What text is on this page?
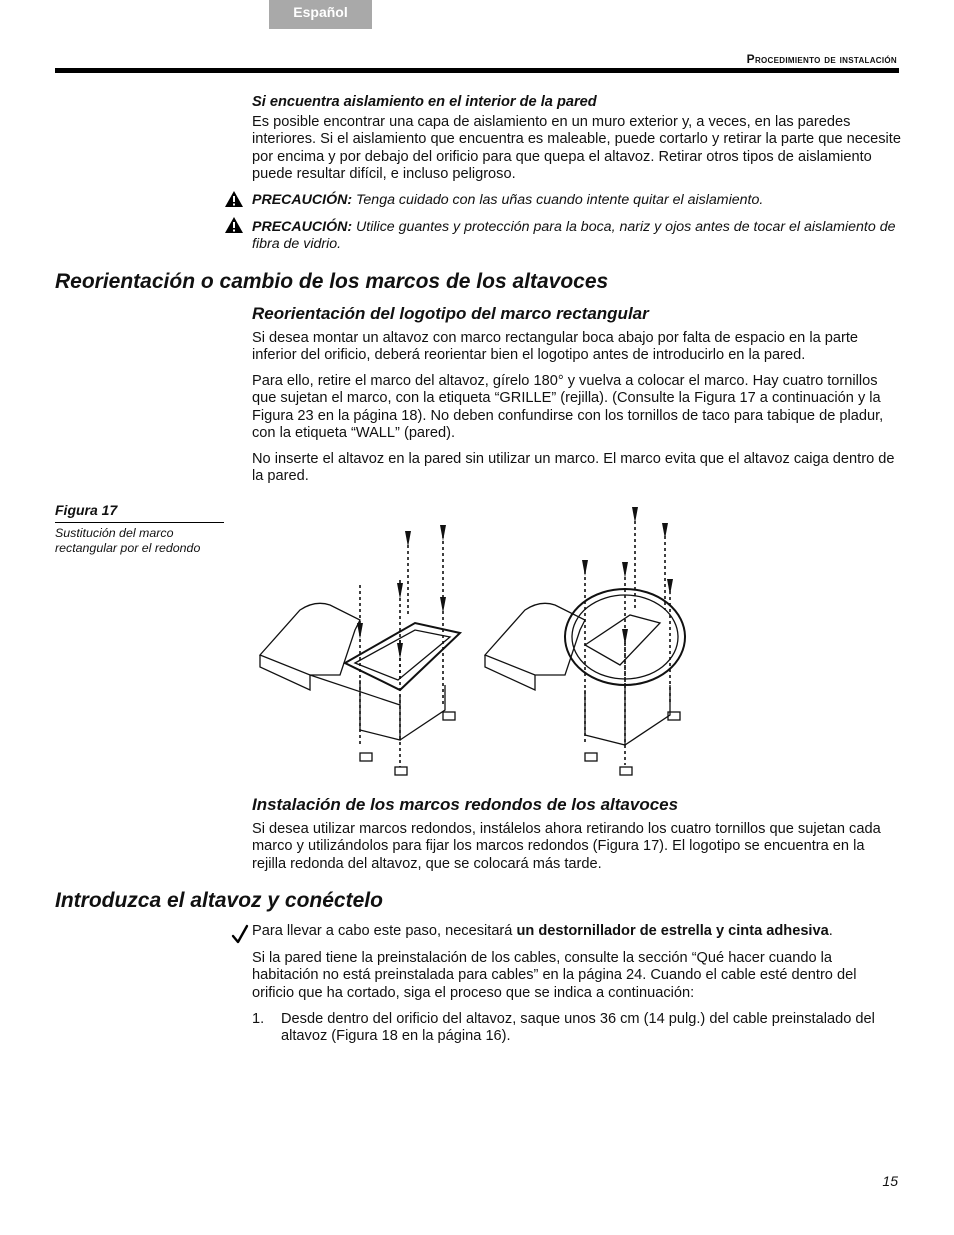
Español
Procedimiento de instalación
Si encuentra aislamiento en el interior de la pared
Es posible encontrar una capa de aislamiento en un muro exterior y, a veces, en las paredes interiores. Si el aislamiento que encuentra es maleable, puede cortarlo y retirar la parte que necesite por encima y por debajo del orificio para que quepa el altavoz. Retirar otros tipos de aislamiento puede resultar difícil, e incluso peligroso.
PRECAUCIÓN: Tenga cuidado con las uñas cuando intente quitar el aislamiento.
PRECAUCIÓN: Utilice guantes y protección para la boca, nariz y ojos antes de tocar el aislamiento de fibra de vidrio.
Reorientación o cambio de los marcos de los altavoces
Reorientación del logotipo del marco rectangular
Si desea montar un altavoz con marco rectangular boca abajo por falta de espacio en la parte inferior del orificio, deberá reorientar bien el logotipo antes de introducirlo en la pared.
Para ello, retire el marco del altavoz, gírelo 180° y vuelva a colocar el marco. Hay cuatro tornillos que sujetan el marco, con la etiqueta “GRILLE” (rejilla). (Consulte la Figura 17 a continuación y la Figura 23 en la página 18). No deben confundirse con los tornillos de taco para tabique de pladur, con la etiqueta “WALL” (pared).
No inserte el altavoz en la pared sin utilizar un marco. El marco evita que el altavoz caiga dentro de la pared.
Figura 17
Sustitución del marco rectangular por el redondo
Instalación de los marcos redondos de los altavoces
Si desea utilizar marcos redondos, instálelos ahora retirando los cuatro tornillos que sujetan cada marco y utilizándolos para fijar los marcos redondos (Figura 17). El logotipo se encuentra en la rejilla redonda del altavoz, que se colocará más tarde.
Introduzca el altavoz y conéctelo
Para llevar a cabo este paso, necesitará un destornillador de estrella y cinta adhesiva.
Si la pared tiene la preinstalación de los cables, consulte la sección “Qué hacer cuando la habitación no está preinstalada para cables” en la página 24. Cuando el cable esté dentro del orificio que ha cortado, siga el proceso que se indica a continuación:
1. Desde dentro del orificio del altavoz, saque unos 36 cm (14 pulg.) del cable preinstalado del altavoz (Figura 18 en la página 16).
15
